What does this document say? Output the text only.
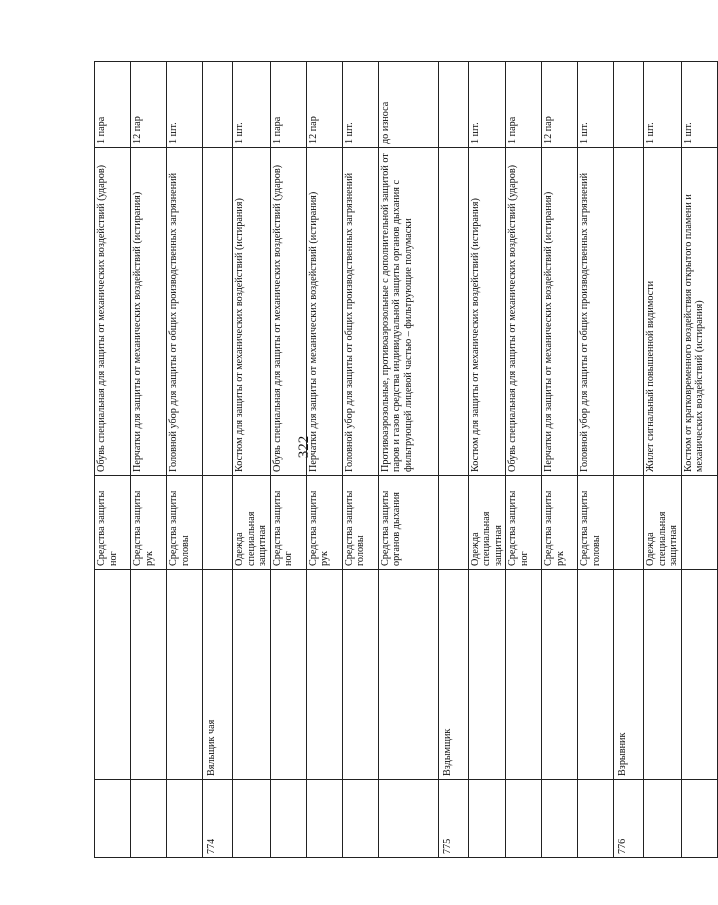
322
		Средства защиты ног	Обувь специальная для защиты от механических воздействий (ударов)	1 пара
		Средства защиты рук	Перчатки для защиты от механических воздействий (истирания)	12 пар
		Средства защиты головы	Головной убор для защиты от общих производственных загрязнений	1 шт.
774	Вяльщик чая			
		Одежда специальная защитная	Костюм для защиты от механических воздействий (истирания)	1 шт.
		Средства защиты ног	Обувь специальная для защиты от механических воздействий (ударов)	1 пара
		Средства защиты рук	Перчатки для защиты от механических воздействий (истирания)	12 пар
		Средства защиты головы	Головной убор для защиты от общих производственных загрязнений	1 шт.
		Средства защиты органов дыхания	Противоаэрозольные, противоаэрозольные с дополнительной защитой от паров и газов средства индивидуальной защиты органов дыхания с фильтрующей лицевой частью – фильтрующие полумаски	до износа
775	Вздымщик			
		Одежда специальная защитная	Костюм для защиты от механических воздействий (истирания)	1 шт.
		Средства защиты ног	Обувь специальная для защиты от механических воздействий (ударов)	1 пара
		Средства защиты рук	Перчатки для защиты от механических воздействий (истирания)	12 пар
		Средства защиты головы	Головной убор для защиты от общих производственных загрязнений	1 шт.
776	Взрывник			
		Одежда специальная защитная	Жилет сигнальный повышенной видимости	1 шт.
			Костюм от кратковременного воздействия открытого пламени и механических воздействий (истирания)	1 шт.
